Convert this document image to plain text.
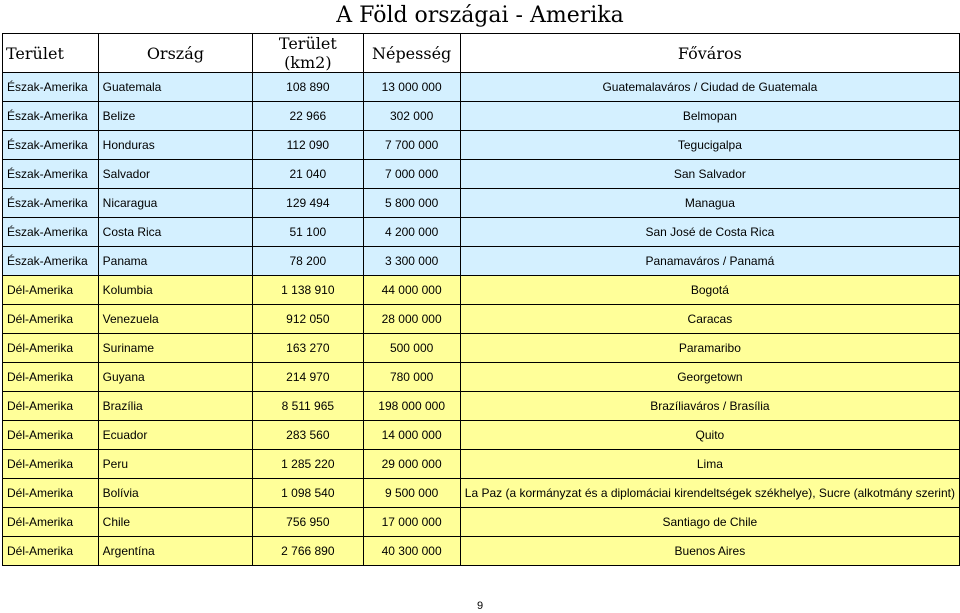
A Föld országai - Amerika
Terület	Ország	Terület (km2)	Népesség	Főváros
Észak-Amerika	Guatemala	108 890	13 000 000	Guatemalaváros / Ciudad de Guatemala
Észak-Amerika	Belize	22 966	302 000	Belmopan
Észak-Amerika	Honduras	112 090	7 700 000	Tegucigalpa
Észak-Amerika	Salvador	21 040	7 000 000	San Salvador
Észak-Amerika	Nicaragua	129 494	5 800 000	Managua
Észak-Amerika	Costa Rica	51 100	4 200 000	San José de Costa Rica
Észak-Amerika	Panama	78 200	3 300 000	Panamaváros / Panamá
Dél-Amerika	Kolumbia	1 138 910	44 000 000	Bogotá
Dél-Amerika	Venezuela	912 050	28 000 000	Caracas
Dél-Amerika	Suriname	163 270	500 000	Paramaribo
Dél-Amerika	Guyana	214 970	780 000	Georgetown
Dél-Amerika	Brazília	8 511 965	198 000 000	Brazíliaváros / Brasília
Dél-Amerika	Ecuador	283 560	14 000 000	Quito
Dél-Amerika	Peru	1 285 220	29 000 000	Lima
Dél-Amerika	Bolívia	1 098 540	9 500 000	La Paz (a kormányzat és a diplomáciai kirendeltségek székhelye), Sucre (alkotmány szerint)
Dél-Amerika	Chile	756 950	17 000 000	Santiago de Chile
Dél-Amerika	Argentína	2 766 890	40 300 000	Buenos Aires
9
